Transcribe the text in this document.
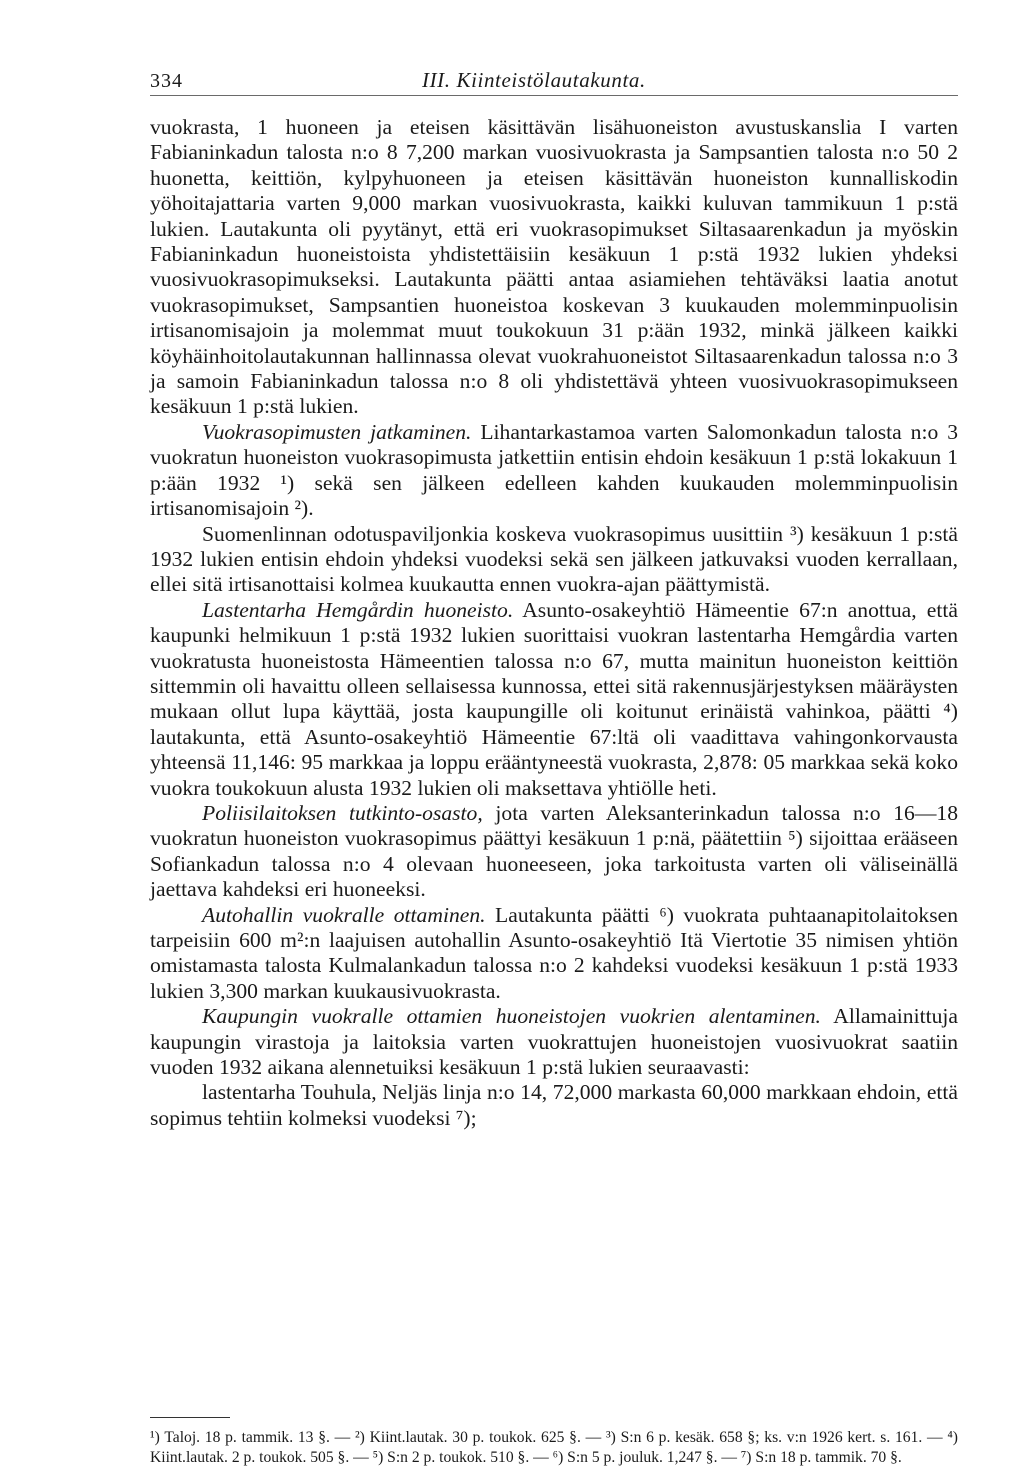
334	III. Kiinteistölautakunta.

vuokrasta, 1 huoneen ja eteisen käsittävän lisähuoneiston avustuskanslia I varten Fabianinkadun talosta n:o 8 7,200 markan vuosivuokrasta ja Sampsantien talosta n:o 50 2 huonetta, keittiön, kylpyhuoneen ja eteisen käsittävän huoneiston kunnalliskodin yöhoitajattaria varten 9,000 markan vuosivuokrasta, kaikki kuluvan tammikuun 1 p:stä lukien. Lautakunta oli pyytänyt, että eri vuokrasopimukset Siltasaarenkadun ja myöskin Fabianinkadun huoneistoista yhdistettäisiin kesäkuun 1 p:stä 1932 lukien yhdeksi vuosivuokrasopimukseksi. Lautakunta päätti antaa asiamiehen tehtäväksi laatia anotut vuokrasopimukset, Sampsantien huoneistoa koskevan 3 kuukauden molemminpuolisin irtisanomisajoin ja molemmat muut toukokuun 31 p:ään 1932, minkä jälkeen kaikki köyhäinhoitolautakunnan hallinnassa olevat vuokrahuoneistot Siltasaarenkadun talossa n:o 3 ja samoin Fabianinkadun talossa n:o 8 oli yhdistettävä yhteen vuosivuokrasopimukseen kesäkuun 1 p:stä lukien.

Vuokrasopimusten jatkaminen. Lihantarkastamoa varten Salomonkadun talosta n:o 3 vuokratun huoneiston vuokrasopimusta jatkettiin entisin ehdoin kesäkuun 1 p:stä lokakuun 1 p:ään 1932 ¹) sekä sen jälkeen edelleen kahden kuukauden molemminpuolisin irtisanomisajoin ²).

Suomenlinnan odotuspaviljonkia koskeva vuokrasopimus uusittiin ³) kesäkuun 1 p:stä 1932 lukien entisin ehdoin yhdeksi vuodeksi sekä sen jälkeen jatkuvaksi vuoden kerrallaan, ellei sitä irtisanottaisi kolmea kuukautta ennen vuokra-ajan päättymistä.

Lastentarha Hemgårdin huoneisto. Asunto-osakeyhtiö Hämeentie 67:n anottua, että kaupunki helmikuun 1 p:stä 1932 lukien suorittaisi vuokran lastentarha Hemgårdia varten vuokratusta huoneistosta Hämeentien talossa n:o 67, mutta mainitun huoneiston keittiön sittemmin oli havaittu olleen sellaisessa kunnossa, ettei sitä rakennusjärjestyksen määräysten mukaan ollut lupa käyttää, josta kaupungille oli koitunut erinäistä vahinkoa, päätti ⁴) lautakunta, että Asunto-osakeyhtiö Hämeentie 67:ltä oli vaadittava vahingonkorvausta yhteensä 11,146: 95 markkaa ja loppu erääntyneestä vuokrasta, 2,878: 05 markkaa sekä koko vuokra toukokuun alusta 1932 lukien oli maksettava yhtiölle heti.

Poliisilaitoksen tutkinto-osasto, jota varten Aleksanterinkadun talossa n:o 16—18 vuokratun huoneiston vuokrasopimus päättyi kesäkuun 1 p:nä, päätettiin ⁵) sijoittaa erääseen Sofiankadun talossa n:o 4 olevaan huoneeseen, joka tarkoitusta varten oli väliseinällä jaettava kahdeksi eri huoneeksi.

Autohallin vuokralle ottaminen. Lautakunta päätti ⁶) vuokrata puhtaanapitolaitoksen tarpeisiin 600 m²:n laajuisen autohallin Asunto-osakeyhtiö Itä Viertotie 35 nimisen yhtiön omistamasta talosta Kulmalankadun talossa n:o 2 kahdeksi vuodeksi kesäkuun 1 p:stä 1933 lukien 3,300 markan kuukausivuokrasta.

Kaupungin vuokralle ottamien huoneistojen vuokrien alentaminen. Allamainittuja kaupungin virastoja ja laitoksia varten vuokrattujen huoneistojen vuosivuokrat saatiin vuoden 1932 aikana alennetuiksi kesäkuun 1 p:stä lukien seuraavasti:

lastentarha Touhula, Neljäs linja n:o 14, 72,000 markasta 60,000 markkaan ehdoin, että sopimus tehtiin kolmeksi vuodeksi ⁷);

¹) Taloj. 18 p. tammik. 13 §. — ²) Kiint.lautak. 30 p. toukok. 625 §. — ³) S:n 6 p. kesäk. 658 §; ks. v:n 1926 kert. s. 161. — ⁴) Kiint.lautak. 2 p. toukok. 505 §. — ⁵) S:n 2 p. toukok. 510 §. — ⁶) S:n 5 p. jouluk. 1,247 §. — ⁷) S:n 18 p. tammik. 70 §.
